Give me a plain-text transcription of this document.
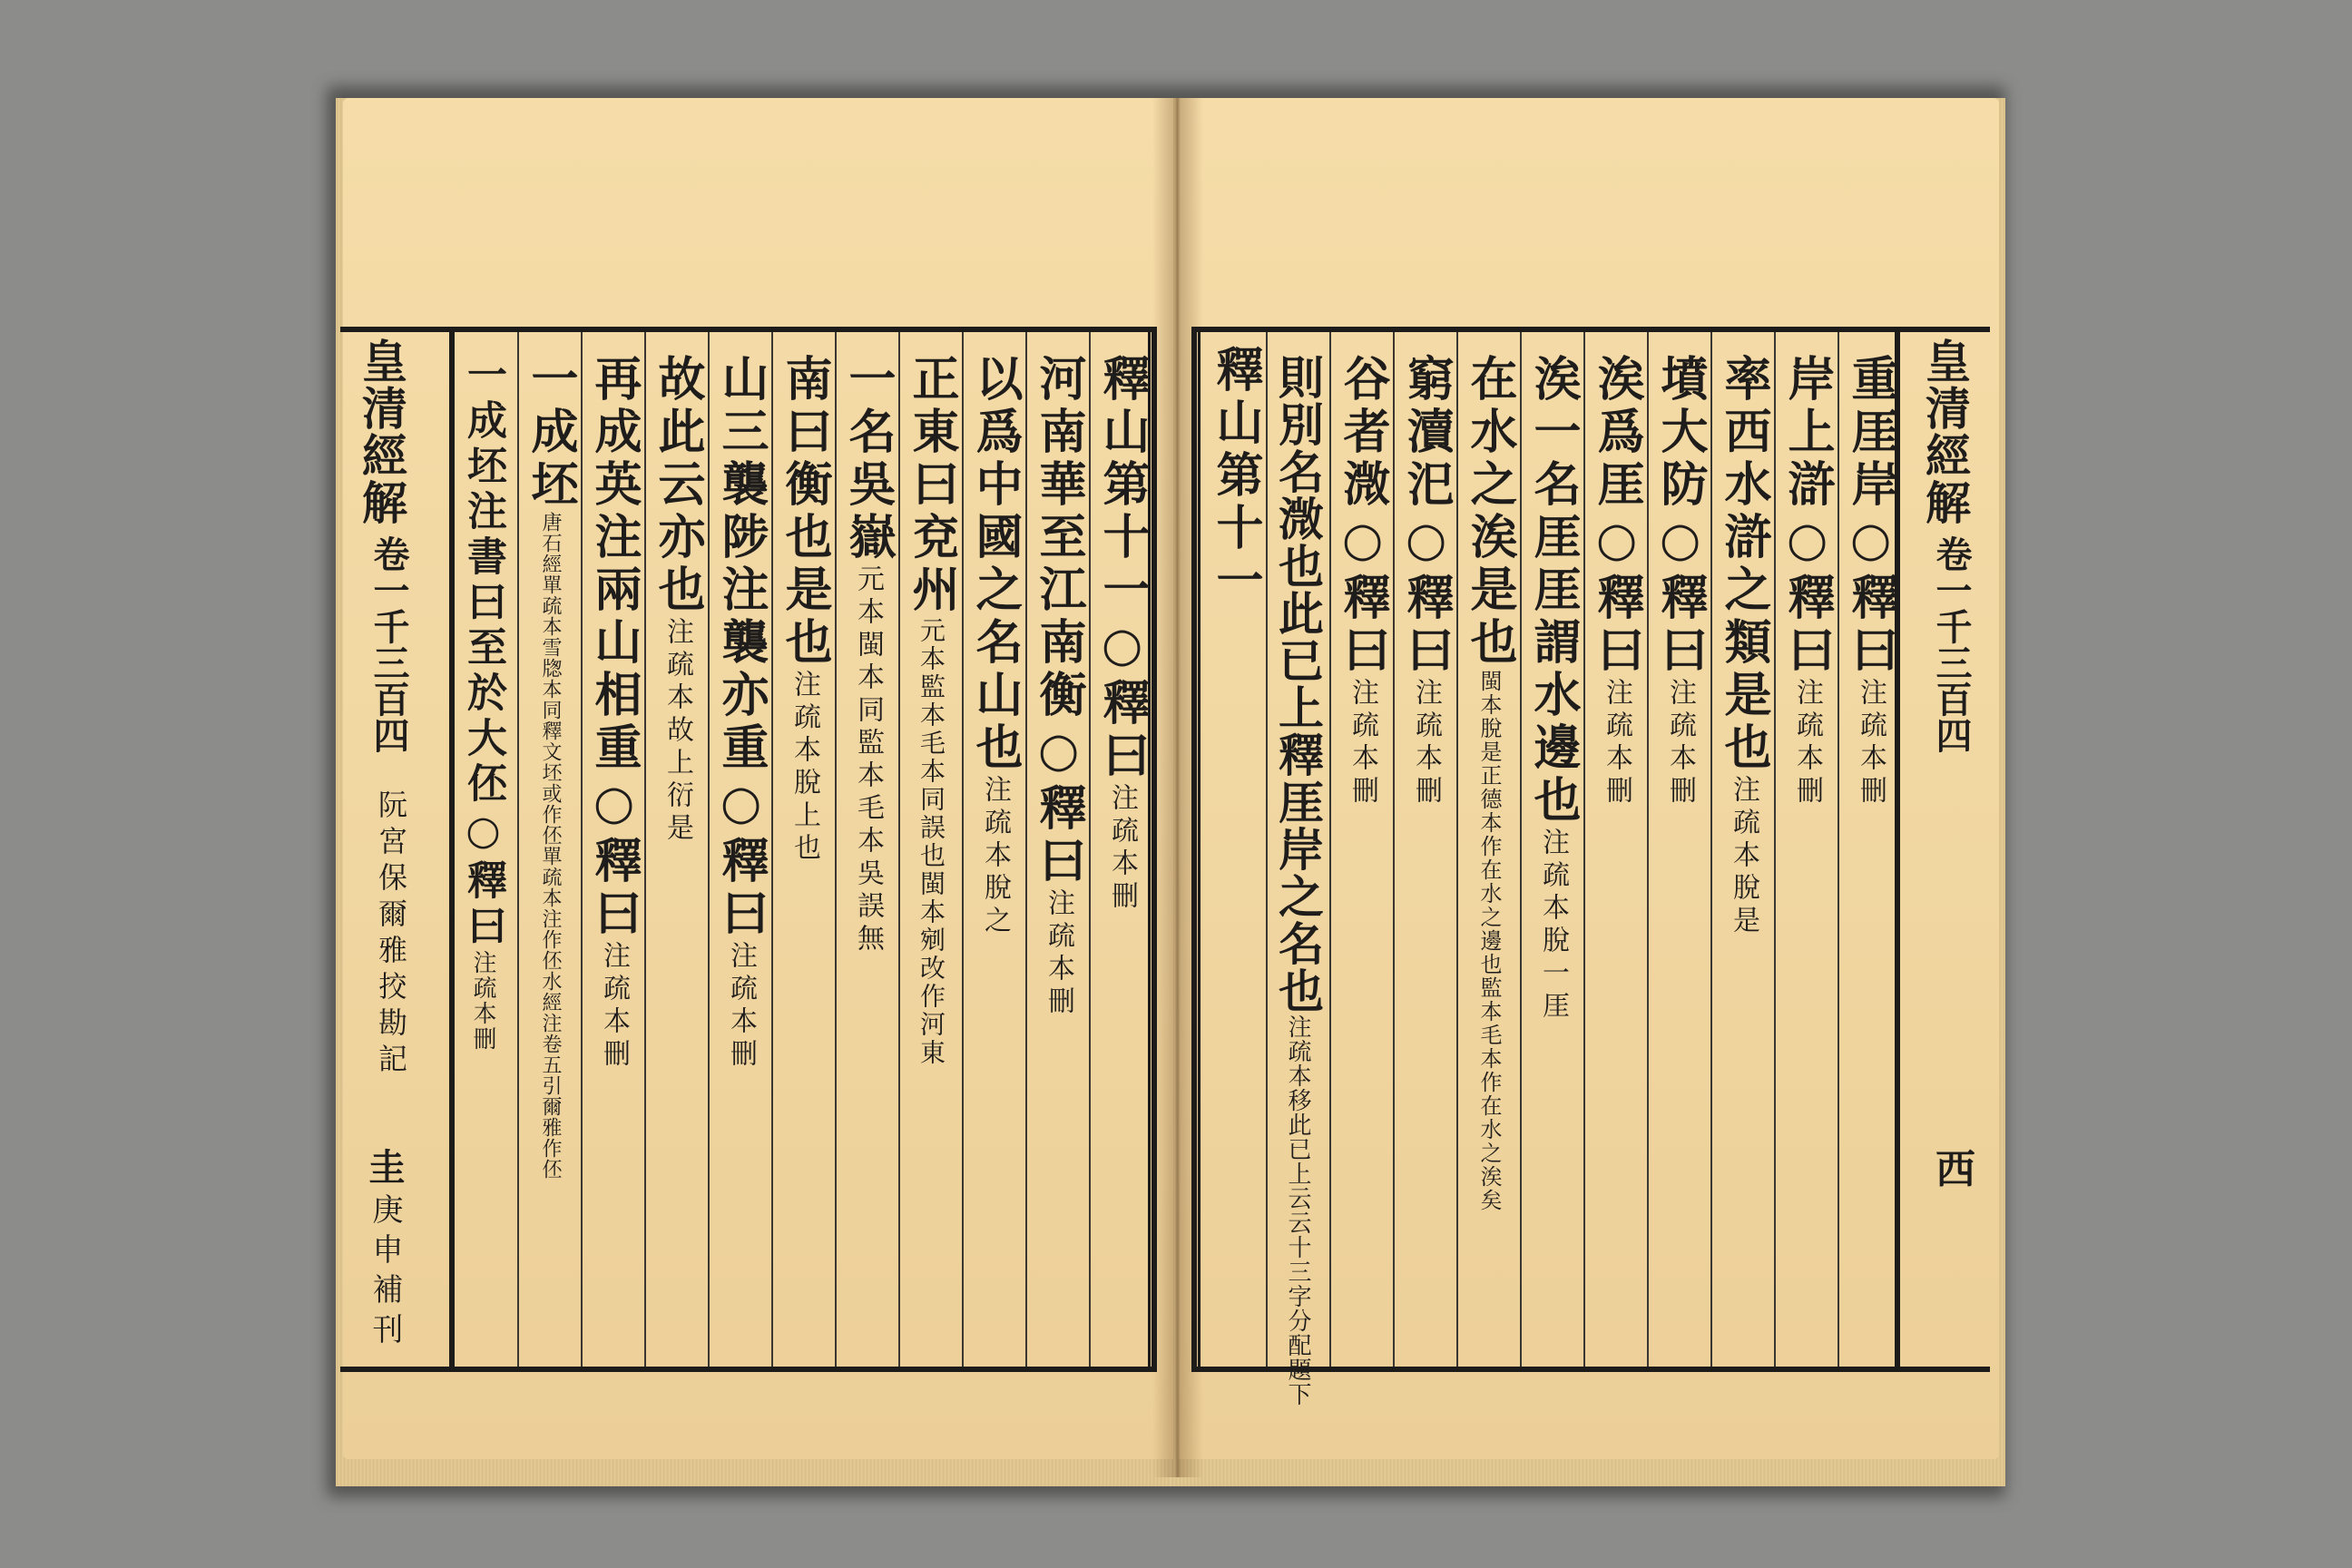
皇清經解
卷一千三百四
阮宮保爾雅挍勘記
圭
庚申補刊
釋山第十一○釋曰注疏本刪
河南華至江南衡○釋曰注疏本刪
以爲中國之名山也注疏本脫之
正東曰兗州元本監本毛本同誤也閩本剜改作河東
一名吳嶽元本閩本同監本毛本吳誤無
南曰衡也是也注疏本脫上也
山三襲陟注襲亦重○釋曰注疏本刪
故此云亦也注疏本故上衍是
再成英注兩山相重○釋曰注疏本刪
一成坯唐石經單疏本雪牎本同釋文坯或作伾單疏本注作伾水經注卷五引爾雅作伾
一成坯注書曰至於大伾○釋曰注疏本刪
皇清經解
卷一千三百四
西
重厓岸○釋曰注疏本刪
岸上滸○釋曰注疏本刪
率西水滸之類是也注疏本脫是
墳大防○釋曰注疏本刪
涘爲厓○釋曰注疏本刪
涘一名厓厓謂水邊也注疏本脫一厓
在水之涘是也閩本脫是正德本作在水之邊也監本毛本作在水之涘矣
窮瀆汜○釋曰注疏本刪
谷者溦○釋曰注疏本刪
則別名溦也此已上釋厓岸之名也注疏本移此已上云云十三字分配題下
釋山第十一
